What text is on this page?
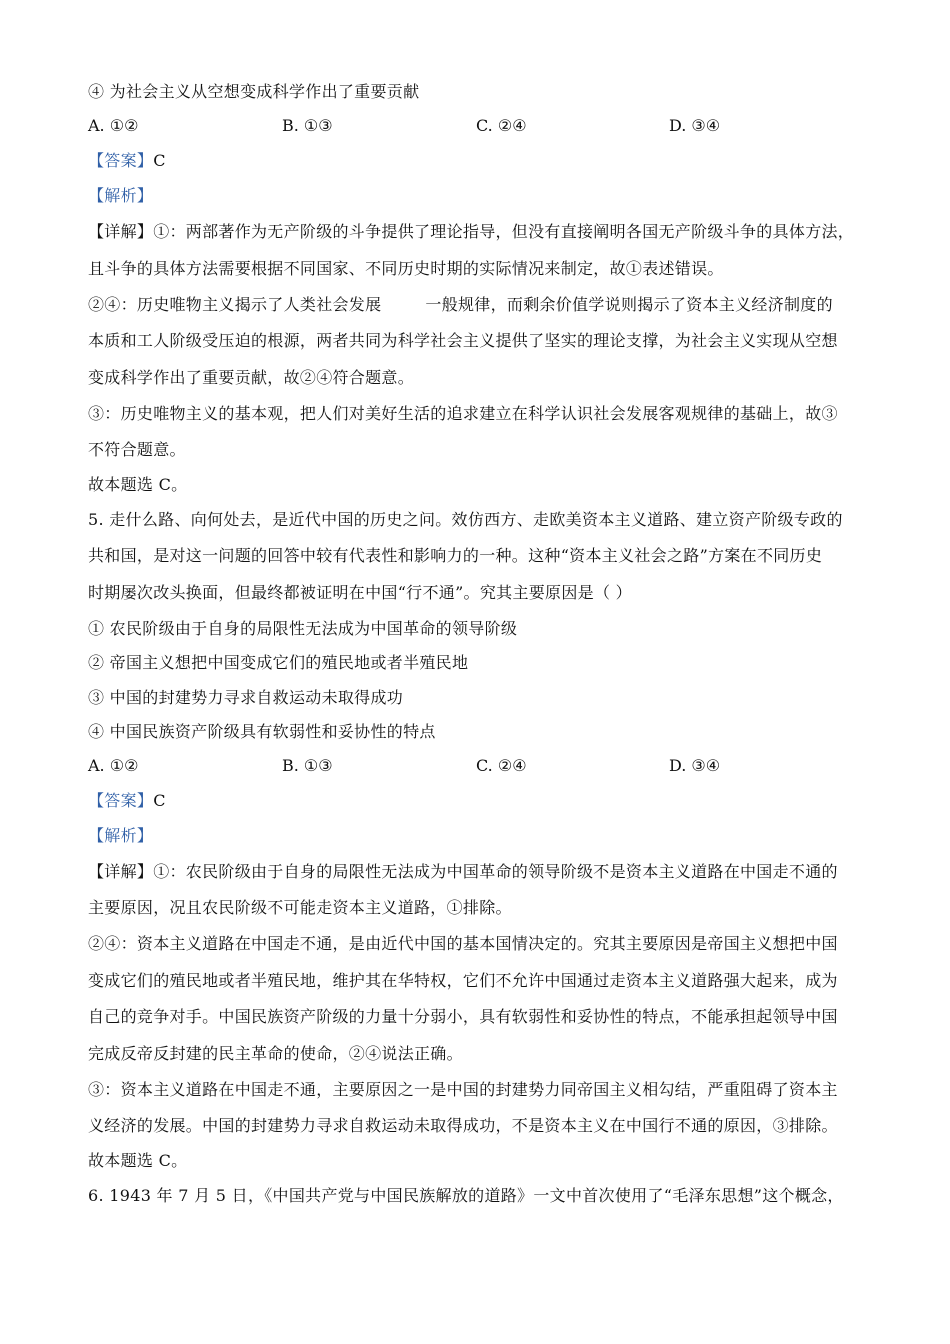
④ 为社会主义从空想变成科学作出了重要贡献
A. ①②	B. ①③	C. ②④	D. ③④
【答案】C
【解析】
【详解】①：两部著作为无产阶级的斗争提供了理论指导，但没有直接阐明各国无产阶级斗争的具体方法，
且斗争的具体方法需要根据不同国家、不同历史时期的实际情况来制定，故①表述错误。
②④：历史唯物主义揭示了人类社会发展	一般规律，而剩余价值学说则揭示了资本主义经济制度的
本质和工人阶级受压迫的根源，两者共同为科学社会主义提供了坚实的理论支撑，为社会主义实现从空想
变成科学作出了重要贡献，故②④符合题意。
③：历史唯物主义的基本观，把人们对美好生活的追求建立在科学认识社会发展客观规律的基础上，故③
不符合题意。
故本题选 C。
5. 走什么路、向何处去，是近代中国的历史之问。效仿西方、走欧美资本主义道路、建立资产阶级专政的
共和国，是对这一问题的回答中较有代表性和影响力的一种。这种“资本主义社会之路”方案在不同历史
时期屡次改头换面，但最终都被证明在中国“行不通”。究其主要原因是（ ）
① 农民阶级由于自身的局限性无法成为中国革命的领导阶级
② 帝国主义想把中国变成它们的殖民地或者半殖民地
③ 中国的封建势力寻求自救运动未取得成功
④ 中国民族资产阶级具有软弱性和妥协性的特点
A. ①②	B. ①③	C. ②④	D. ③④
【答案】C
【解析】
【详解】①：农民阶级由于自身的局限性无法成为中国革命的领导阶级不是资本主义道路在中国走不通的
主要原因，况且农民阶级不可能走资本主义道路，①排除。
②④：资本主义道路在中国走不通，是由近代中国的基本国情决定的。究其主要原因是帝国主义想把中国
变成它们的殖民地或者半殖民地，维护其在华特权，它们不允许中国通过走资本主义道路强大起来，成为
自己的竞争对手。中国民族资产阶级的力量十分弱小，具有软弱性和妥协性的特点，不能承担起领导中国
完成反帝反封建的民主革命的使命，②④说法正确。
③：资本主义道路在中国走不通，主要原因之一是中国的封建势力同帝国主义相勾结，严重阻碍了资本主
义经济的发展。中国的封建势力寻求自救运动未取得成功，不是资本主义在中国行不通的原因，③排除。
故本题选 C。
6. 1943 年 7 月 5 日，《中国共产党与中国民族解放的道路》一文中首次使用了“毛泽东思想”这个概念，
